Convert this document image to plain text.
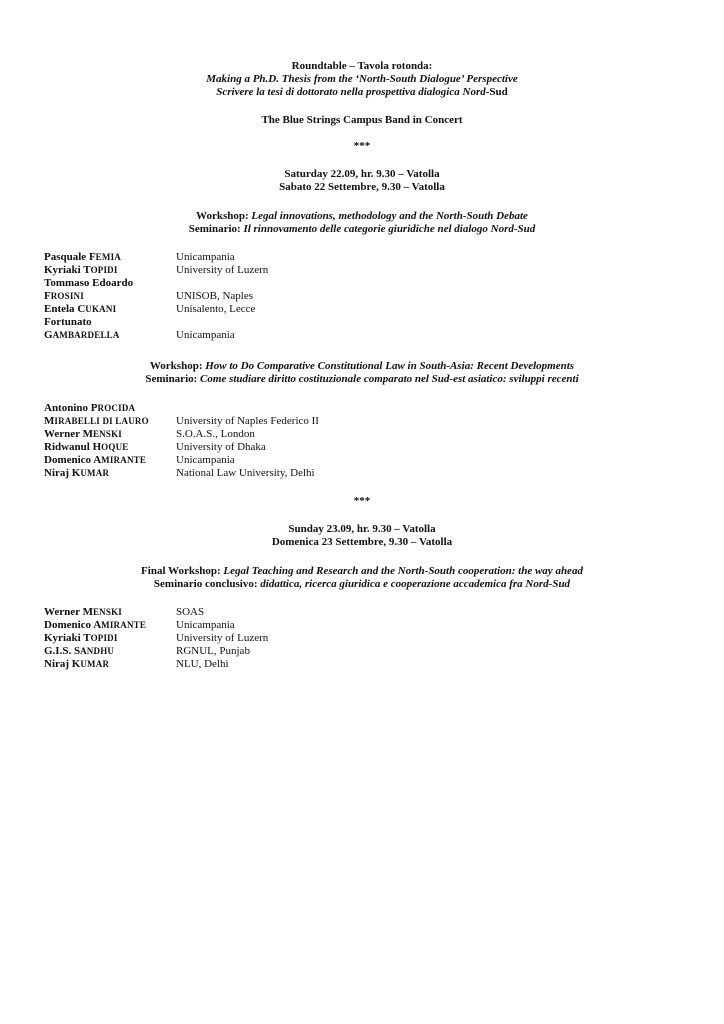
Roundtable – Tavola rotonda:
Making a Ph.D. Thesis from the ‘North-South Dialogue’ Perspective
Scrivere la tesi di dottorato nella prospettiva dialogica Nord-Sud
The Blue Strings Campus Band in Concert
***
Saturday 22.09, hr. 9.30 – Vatolla
Sabato 22 Settembre, 9.30 – Vatolla
Workshop: Legal innovations, methodology and the North-South Debate
Seminario: Il rinnovamento delle categorie giuridiche nel dialogo Nord-Sud
Pasquale FEMIA	Unicampania
Kyriaki TOPIDI	University of Luzern
Tommaso Edoardo
FROSINI	UNISOB, Naples
Entela CUKANI	Unisalento, Lecce
Fortunato
GAMBARDELLA	Unicampania
Workshop: How to Do Comparative Constitutional Law in South-Asia: Recent Developments
Seminario: Come studiare diritto costituzionale comparato nel Sud-est asiatico: sviluppi recenti
Antonino PROCIDA
MIRABELLI DI LAURO University of Naples Federico II
Werner MENSKI	S.O.A.S., London
Ridwanul HOQUE	University of Dhaka
Domenico AMIRANTE	Unicampania
Niraj KUMAR	National Law University, Delhi
***
Sunday 23.09, hr. 9.30 – Vatolla
Domenica 23 Settembre, 9.30 – Vatolla
Final Workshop: Legal Teaching and Research and the North-South cooperation: the way ahead
Seminario conclusivo: didattica, ricerca giuridica e cooperazione accademica fra Nord-Sud
Werner MENSKI	SOAS
Domenico AMIRANTE	Unicampania
Kyriaki TOPIDI	University of Luzern
G.I.S. SANDHU	RGNUL, Punjab
Niraj KUMAR	NLU, Delhi
